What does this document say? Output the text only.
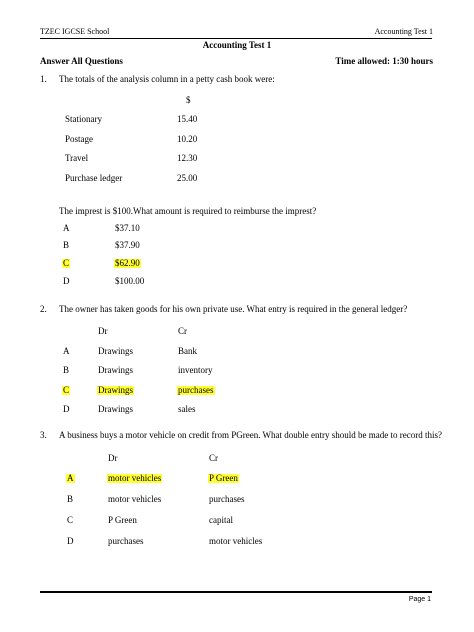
TZEC IGCSE School	Accounting Test 1
Accounting Test 1
Answer All Questions	Time allowed: 1:30 hours
1. The totals of the analysis column in a petty cash book were:
$
Stationary	15.40
Postage	10.20
Travel	12.30
Purchase ledger	25.00
The imprest is $100.What amount is required to reimburse the imprest?
A	$37.10
B	$37.90
C	$62.90
D	$100.00
2. The owner has taken goods for his own private use. What entry is required in the general ledger?
Dr	Cr
A	Drawings	Bank
B	Drawings	inventory
C	Drawings	purchases
D	Drawings	sales
3. A business buys a motor vehicle on credit from PGreen. What double entry should be made to record this?
Dr	Cr
A	motor vehicles	P Green
B	motor vehicles	purchases
C	P Green	capital
D	purchases	motor vehicles
Page 1
